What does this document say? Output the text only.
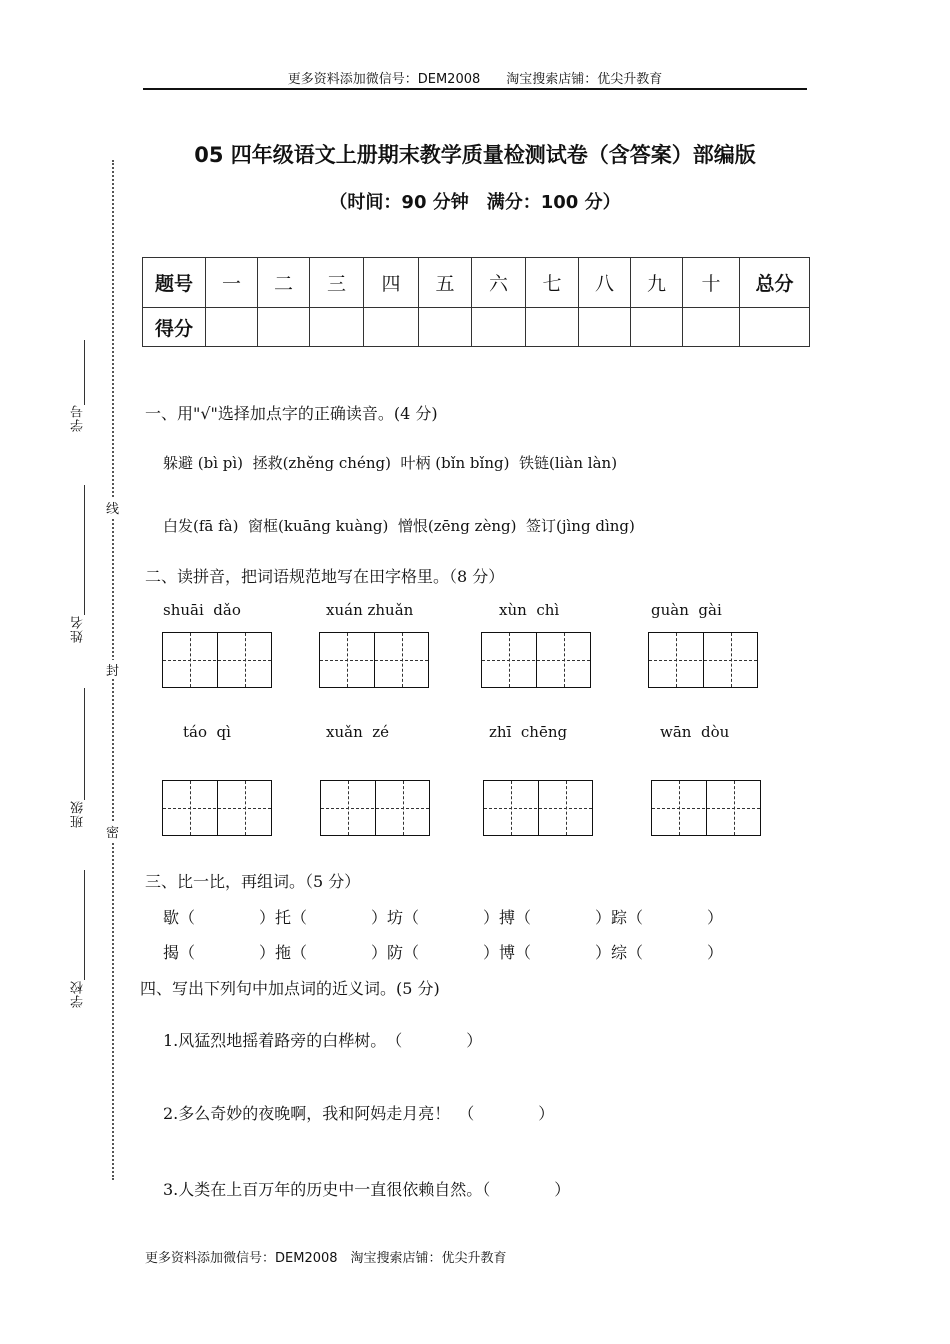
更多资料添加微信号：DEM2008　　淘宝搜索店铺：优尖升教育
05 四年级语文上册期末教学质量检测试卷（含答案）部编版
（时间：90 分钟　满分：100 分）
题号	一	二	三	四	五	六	七	八	九	十	总分
得分											
学号
姓名
班级
学校
线
封
密
一、用"√"选择加点字的正确读音。(4 分)
躲避 (bì pì)  拯救(zhěng chéng)  叶柄 (bǐn bǐng)  铁链(liàn làn)
白发(fā fà)  窗框(kuāng kuàng)  憎恨(zēng zèng)  签订(jìng dìng)
二、读拼音，把词语规范地写在田字格里。（8 分）
shuāi  dǎo	xuán zhuǎn	xùn  chì	guàn  gài
táo  qì	xuǎn  zé	zhī  chēng	wān  dòu
三、比一比，再组词。（5 分）
歇（　　　　）托（　　　　）坊（　　　　）搏（　　　　）踪（　　　　）
揭（　　　　）拖（　　　　）防（　　　　）博（　　　　）综（　　　　）
四、写出下列句中加点词的近义词。(5 分)
1.风猛烈地摇着路旁的白桦树。　（　　　　）
2.多么奇妙的夜晚啊，我和阿妈走月亮！　（　　　　）
3.人类在上百万年的历史中一直很依赖自然。（　　　　）
更多资料添加微信号：DEM2008　淘宝搜索店铺：优尖升教育
